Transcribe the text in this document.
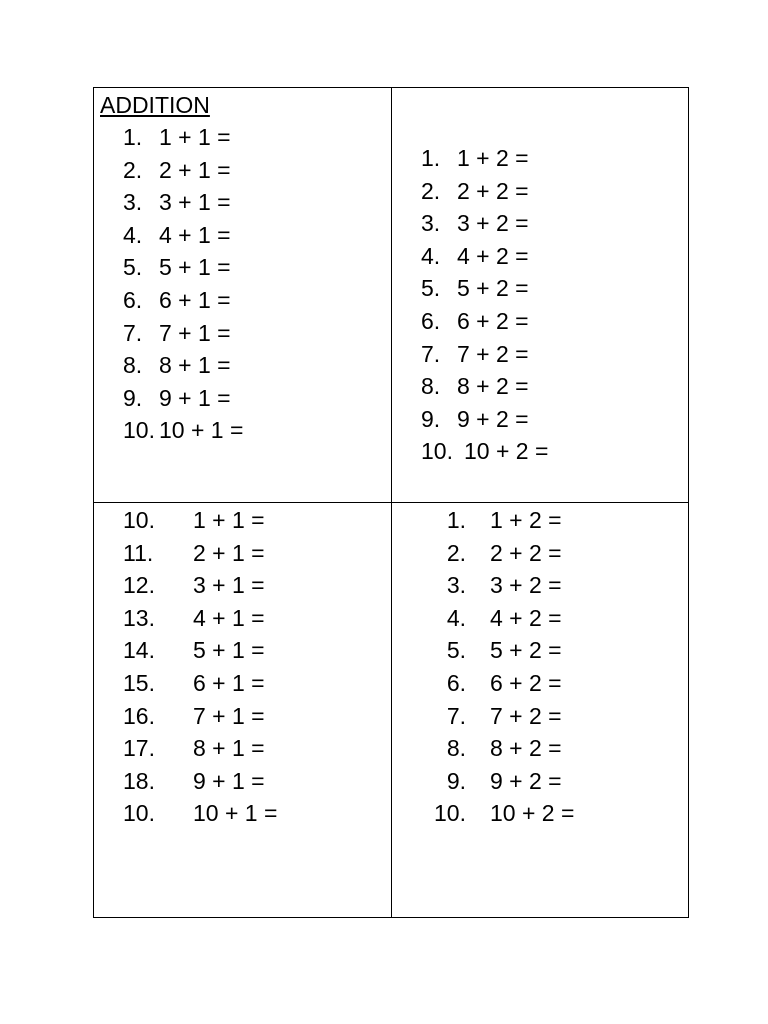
ADDITION
1. 1 + 1 =
2. 2 + 1 =
3. 3 + 1 =
4. 4 + 1 =
5. 5 + 1 =
6. 6 + 1 =
7. 7 + 1 =
8. 8 + 1 =
9. 9 + 1 =
10. 10 + 1 =
1. 1 + 2 =
2. 2 + 2 =
3. 3 + 2 =
4. 4 + 2 =
5. 5 + 2 =
6. 6 + 2 =
7. 7 + 2 =
8. 8 + 2 =
9. 9 + 2 =
10. 10 + 2 =
10. 1 + 1 =
11. 2 + 1 =
12. 3 + 1 =
13. 4 + 1 =
14. 5 + 1 =
15. 6 + 1 =
16. 7 + 1 =
17. 8 + 1 =
18. 9 + 1 =
10. 10 + 1 =
1. 1 + 2 =
2. 2 + 2 =
3. 3 + 2 =
4. 4 + 2 =
5. 5 + 2 =
6. 6 + 2 =
7. 7 + 2 =
8. 8 + 2 =
9. 9 + 2 =
10. 10 + 2 =
